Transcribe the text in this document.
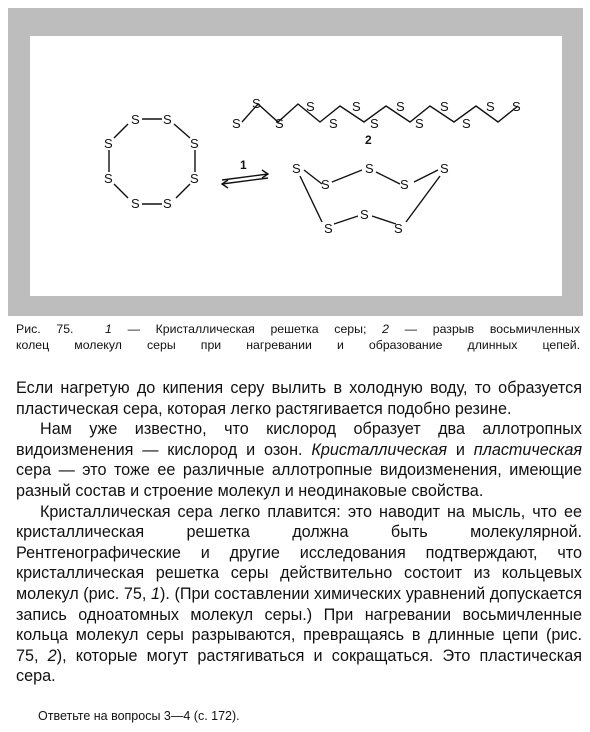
S S
S
S
S
S
S
S
1
S
S
S
S
S
S
S
S
S
S
S
S S
2
S
S
S
S
S
S
S
S

Рис. 75.	1 — Кристаллическая решетка серы; 2 — разрыв восьмичленных
колец молекул серы при нагревании и образование длинных цепей.

Если нагретую до кипения серу вылить в холодную воду, то образуется пластическая сера, которая легко растягивается подобно резине.

Нам уже известно, что кислород образует два аллотропных видоизменения — кислород и озон. Кристаллическая и пластическая сера — это тоже ее различные аллотропные видоизменения, имеющие разный состав и строение молекул и неодинаковые свойства.

Кристаллическая сера легко плавится: это наводит на мысль, что ее кристаллическая решетка должна быть молекулярной. Рентгенографические и другие исследования подтверждают, что кристаллическая решетка серы действительно состоит из кольцевых молекул (рис. 75, 1). (При составлении химических уравнений допускается запись одноатомных молекул серы.) При нагревании восьмичленные кольца молекул серы разрываются, превращаясь в длинные цепи (рис. 75, 2), которые могут растягиваться и сокращаться. Это пластическая сера.

Ответьте на вопросы 3—4 (с. 172).
